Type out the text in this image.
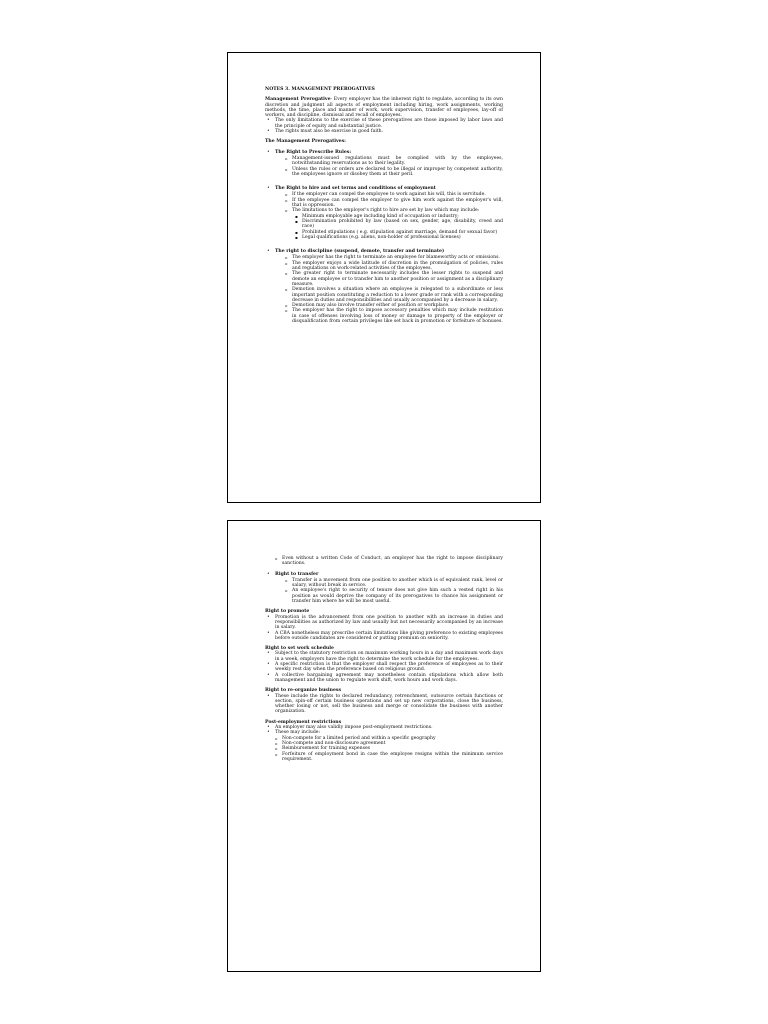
NOTES 3. MANAGEMENT PREROGATIVES
Management Prerogative- Every employer has the inherent right to regulate, according to its own discretion and judgment all aspects of employment including hiring, work assignments, working methods, the time, place and manner of work, work supervision, transfer of employees, lay-off of workers, and discipline, dismissal and recall of employees.
• The only limitations to the exercise of these prerogatives are those imposed by labor laws and the principle of equity and substantial justice.
• The rights must also be exercise in good faith.
The Management Prerogatives:
• The Right to Prescribe Rules:
o Management-issued regulations must be complied with by the employees, notwithstanding reservations as to their legality.
o Unless the rules or orders are declared to be illegal or improper by competent authority, the employees ignore or disobey them at their peril.
• The Right to hire and set terms and conditions of employment
o If the employer can compel the employee to work against his will, this is servitude.
o If the employee can compel the employer to give him work against the employer's will, that is oppression.
o The limitations to the employer's right to hire are set by law which may include:
▪ Minimum employable age including kind of occupation or industry;
▪ Discrimination prohibited by law (based on sex, gender, age, disability, creed and race)
▪ Prohibited stipulations ( e.g. stipulation against marriage, demand for sexual favor)
▪ Legal qualifications (e.g. aliens, non-holder of professional licenses)
• The right to discipline (suspend, demote, transfer and terminate)
o The employer has the right to terminate an employee for blameworthy acts or omissions.
o The employer enjoys a wide latitude of discretion in the promulgation of policies, rules and regulations on work-related activities of the employees.
o The greater right to terminate necessarily includes the lesser rights to suspend and demote an employee or to transfer him to another position or assignment as a disciplinary measure.
o Demotion involves a situation where an employee is relegated to a subordinate or less important position constituting a reduction to a lower grade or rank with a corresponding decrease in duties and responsibilities and usually accompanied by a decrease in salary.
o Demotion may also involve transfer either of position or workplace.
o The employer has the right to impose accessory penalties which may include restitution in case of offenses involving loss of money or damage to property of the employer or disqualification from certain privileges like set back in promotion or forfeiture of bonuses.
o Even without a written Code of Conduct, an employer has the right to impose disciplinary sanctions.
• Right to transfer
o Transfer is a movement from one position to another which is of equivalent rank, level or salary, without break in service.
o An employee's right to security of tenure does not give him such a vested right in his position as would deprive the company of its prerogatives to chance his assignment or transfer him where he will be most useful.
Right to promote
• Promotion is the advancement from one position to another with an increase in duties and responsibilities as authorized by law and usually but not necessarily accompanied by an increase in salary.
• A CBA nonetheless may prescribe certain limitations like giving preference to existing employees before outside candidates are considered or putting premium on seniority.
Right to set work schedule
• Subject to the statutory restriction on maximum working hours in a day and maximum work days in a week, employers have the right to determine the work schedule for the employees.
• A specific restriction is that the employer shall respect the preference of employees as to their weekly rest day when the preference based on religious ground.
• A collective bargaining agreement may nonetheless contain stipulations which allow both management and the union to regulate work shift, work hours and work days.
Right to re-organize business
• These include the rights to declared redundancy, retrenchment, outsource certain functions or section, spin-off certain business operations and set up new corporations, close the business, whether losing or not, sell the business and merge or consolidate the business with another organization.
Post-employment restrictions
• An employer may also validly impose post-employment restrictions.
• These may include:
o Non-compete for a limited period and within a specific geography
o Non-compete and non-disclosure agreement
o Reimbursement for training expenses
o Forfeiture of employment bond in case the employee resigns within the minimum service requirement.
